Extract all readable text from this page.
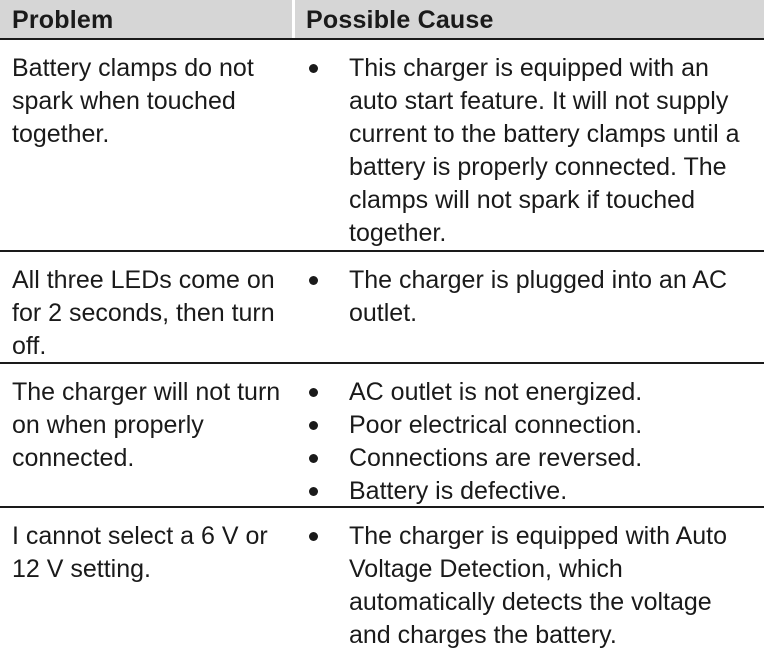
Problem	Possible Cause
Battery clamps do not spark when touched together.
This charger is equipped with an auto start feature. It will not supply current to the battery clamps until a battery is properly connected. The clamps will not spark if touched together.
All three LEDs come on for 2 seconds, then turn off.
The charger is plugged into an AC outlet.
The charger will not turn on when properly connected.
AC outlet is not energized.
Poor electrical connection.
Connections are reversed.
Battery is defective.
I cannot select a 6 V or 12 V setting.
The charger is equipped with Auto Voltage Detection, which automatically detects the voltage and charges the battery.
